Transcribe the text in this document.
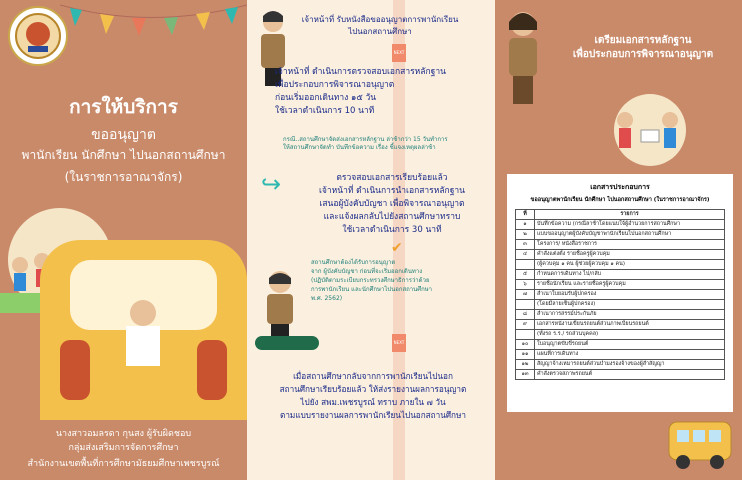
การให้บริการ
ขออนุญาต
พานักเรียน นักศึกษา ไปนอกสถานศึกษา
(ในราชการอาณาจักร)
นางสาวอมลรดา กุนสง ผู้รับผิดชอบ
กลุ่มส่งเสริมการจัดการศึกษา
สำนักงานเขตพื้นที่การศึกษามัธยมศึกษาเพชรบูรณ์
เจ้าหน้าที่ รับหนังสือขออนุญาตการพานักเรียน
ไปนอกสถานศึกษา
NEXT
เจ้าหน้าที่ ดำเนินการตรวจสอบเอกสารหลักฐาน
เพื่อประกอบการพิจารณาอนุญาต
ก่อนเริ่มออกเดินทาง ๑๕ วัน
ใช้เวลาดำเนินการ 10 นาที
กรณี..สถานศึกษาจัดส่งเอกสารหลักฐาน ล่าช้ากว่า 15 วันทำการ
ให้สถานศึกษาจัดทำ บันทึกข้อความ เรื่อง ชี้แจงเหตุผลล่าช้า
↪	ตรวจสอบเอกสารเรียบร้อยแล้ว
เจ้าหน้าที่ ดำเนินการนำเอกสารหลักฐาน
เสนอผู้บังคับบัญชา เพื่อพิจารณาอนุญาต
และแจ้งผลกลับไปยังสถานศึกษาทราบ
ใช้เวลาดำเนินการ 30 นาที
✔
สถานศึกษาต้องได้รับการอนุญาต
จาก ผู้บังคับบัญชา ก่อนที่จะเริ่มออกเดินทาง
(ปฏิบัติตามระเบียบกระทรวงศึกษาธิการว่าด้วย
การพานักเรียน และนักศึกษาไปนอกสถานศึกษา
พ.ศ. 2562)
NEXT
เมื่อสถานศึกษากลับจากการพานักเรียนไปนอก
สถานศึกษาเรียบร้อยแล้ว ให้ส่งรายงานผลการอนุญาต
ไปยัง สพม.เพชรบูรณ์ ทราบ ภายใน ๗ วัน
ตามแบบรายงานผลการพานักเรียนไปนอกสถานศึกษา
เตรียมเอกสารหลักฐาน
เพื่อประกอบการพิจารณาอนุญาต
เอกสารประกอบการ
ขออนุญาตพานักเรียน นักศึกษา ไปนอกสถานศึกษา (ในราชการอาณาจักร)
ที่	รายการ
๑	บันทึกข้อความ (กรณีลาช้าโดยแนบใจ้ผู้อำนวยการสถานศึกษา
๒	แบบขออนุญาตผู้บังคับบัญชาพานักเรียนไปนอกสถานศึกษา
๓	โครงการ/ หนังสือราชการ
๔	คำสั่งแต่งตั้ง รายชื่อครูผู้ควบคุม
	(ผู้ควบคุม ๑ คน ผู้ช่วยผู้ควบคุม ๑ คน)
๕	กำหนดการเดินทาง ไป/กลับ
๖	รายชื่อนักเรียน และรายชื่อครูผู้ควบคุม
๗	สำเนาใบยอมรับผู้ปกครอง
	(โดยมีลายเซ็นผู้ปกครอง)
๘	สำเนาการสรรม์ประกันภัย
๙	เอกสารหนังานเขียนรถยนต์ส่วนภาพเบียนรถยนต์
	(ทั้งรถ ร.ร./ รถส่วนบุคคล)
๑๐	ใบอนุญาตขับขี่รถยนต์
๑๑	แผนที่การเดินทาง
๑๒	สัญญาจ้างเหมารถยนต์ส่วนบำมงรองจ้างของผู้สำสัญญา
๑๓	คำสั่งตรวจสภาพรถยนต์
